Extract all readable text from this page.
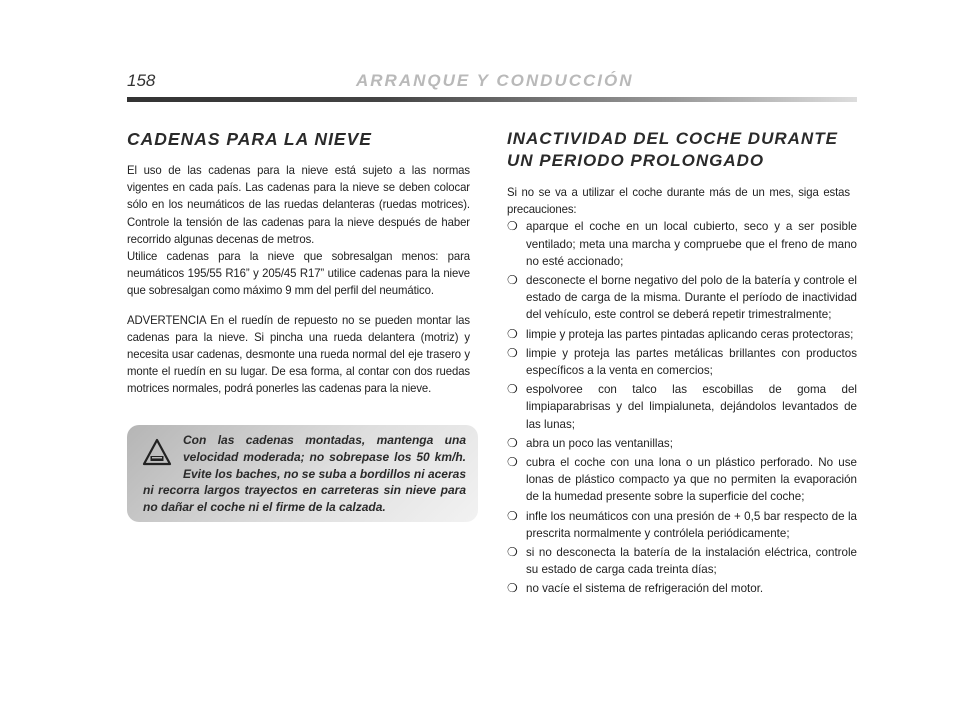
158	ARRANQUE Y CONDUCCIÓN
CADENAS PARA LA NIEVE

El uso de las cadenas para la nieve está sujeto a las normas vigentes en cada país. Las cadenas para la nieve se deben colocar sólo en los neumáticos de las ruedas delanteras (ruedas motrices). Controle la tensión de las cadenas para la nieve después de haber recorrido algunas decenas de metros.

Utilice cadenas para la nieve que sobresalgan menos: para neumáticos 195/55 R16” y 205/45 R17” utilice cadenas para la nieve que sobresalgan como máximo 9 mm del perfil del neumático.

ADVERTENCIA En el ruedín de repuesto no se pueden montar las cadenas para la nieve. Si pincha una rueda delantera (motriz) y necesita usar cadenas, desmonte una rueda normal del eje trasero y monte el ruedín en su lugar. De esa forma, al contar con dos ruedas motrices normales, podrá ponerles las cadenas para la nieve.

Con las cadenas montadas, mantenga una velocidad moderada; no sobrepase los 50 km/h. Evite los baches, no se suba a bordillos ni aceras ni recorra largos trayectos en carreteras sin nieve para no dañar el coche ni el firme de la calzada.
INACTIVIDAD DEL COCHE DURANTE
UN PERIODO PROLONGADO

Si no se va a utilizar el coche durante más de un mes, siga estas precauciones:

❍ aparque el coche en un local cubierto, seco y a ser posible ventilado; meta una marcha y compruebe que el freno de mano no esté accionado;
❍ desconecte el borne negativo del polo de la batería y controle el estado de carga de la misma. Durante el período de inactividad del vehículo, este control se deberá repetir trimestralmente;
❍ limpie y proteja las partes pintadas aplicando ceras protectoras;
❍ limpie y proteja las partes metálicas brillantes con productos específicos a la venta en comercios;
❍ espolvoree con talco las escobillas de goma del limpiaparabrisas y del limpialuneta, dejándolos levantados de las lunas;
❍ abra un poco las ventanillas;
❍ cubra el coche con una lona o un plástico perforado. No use lonas de plástico compacto ya que no permiten la evaporación de la humedad presente sobre la superficie del coche;
❍ infle los neumáticos con una presión de + 0,5 bar respecto de la prescrita normalmente y contrólela periódicamente;
❍ si no desconecta la batería de la instalación eléctrica, controle su estado de carga cada treinta días;
❍ no vacíe el sistema de refrigeración del motor.
